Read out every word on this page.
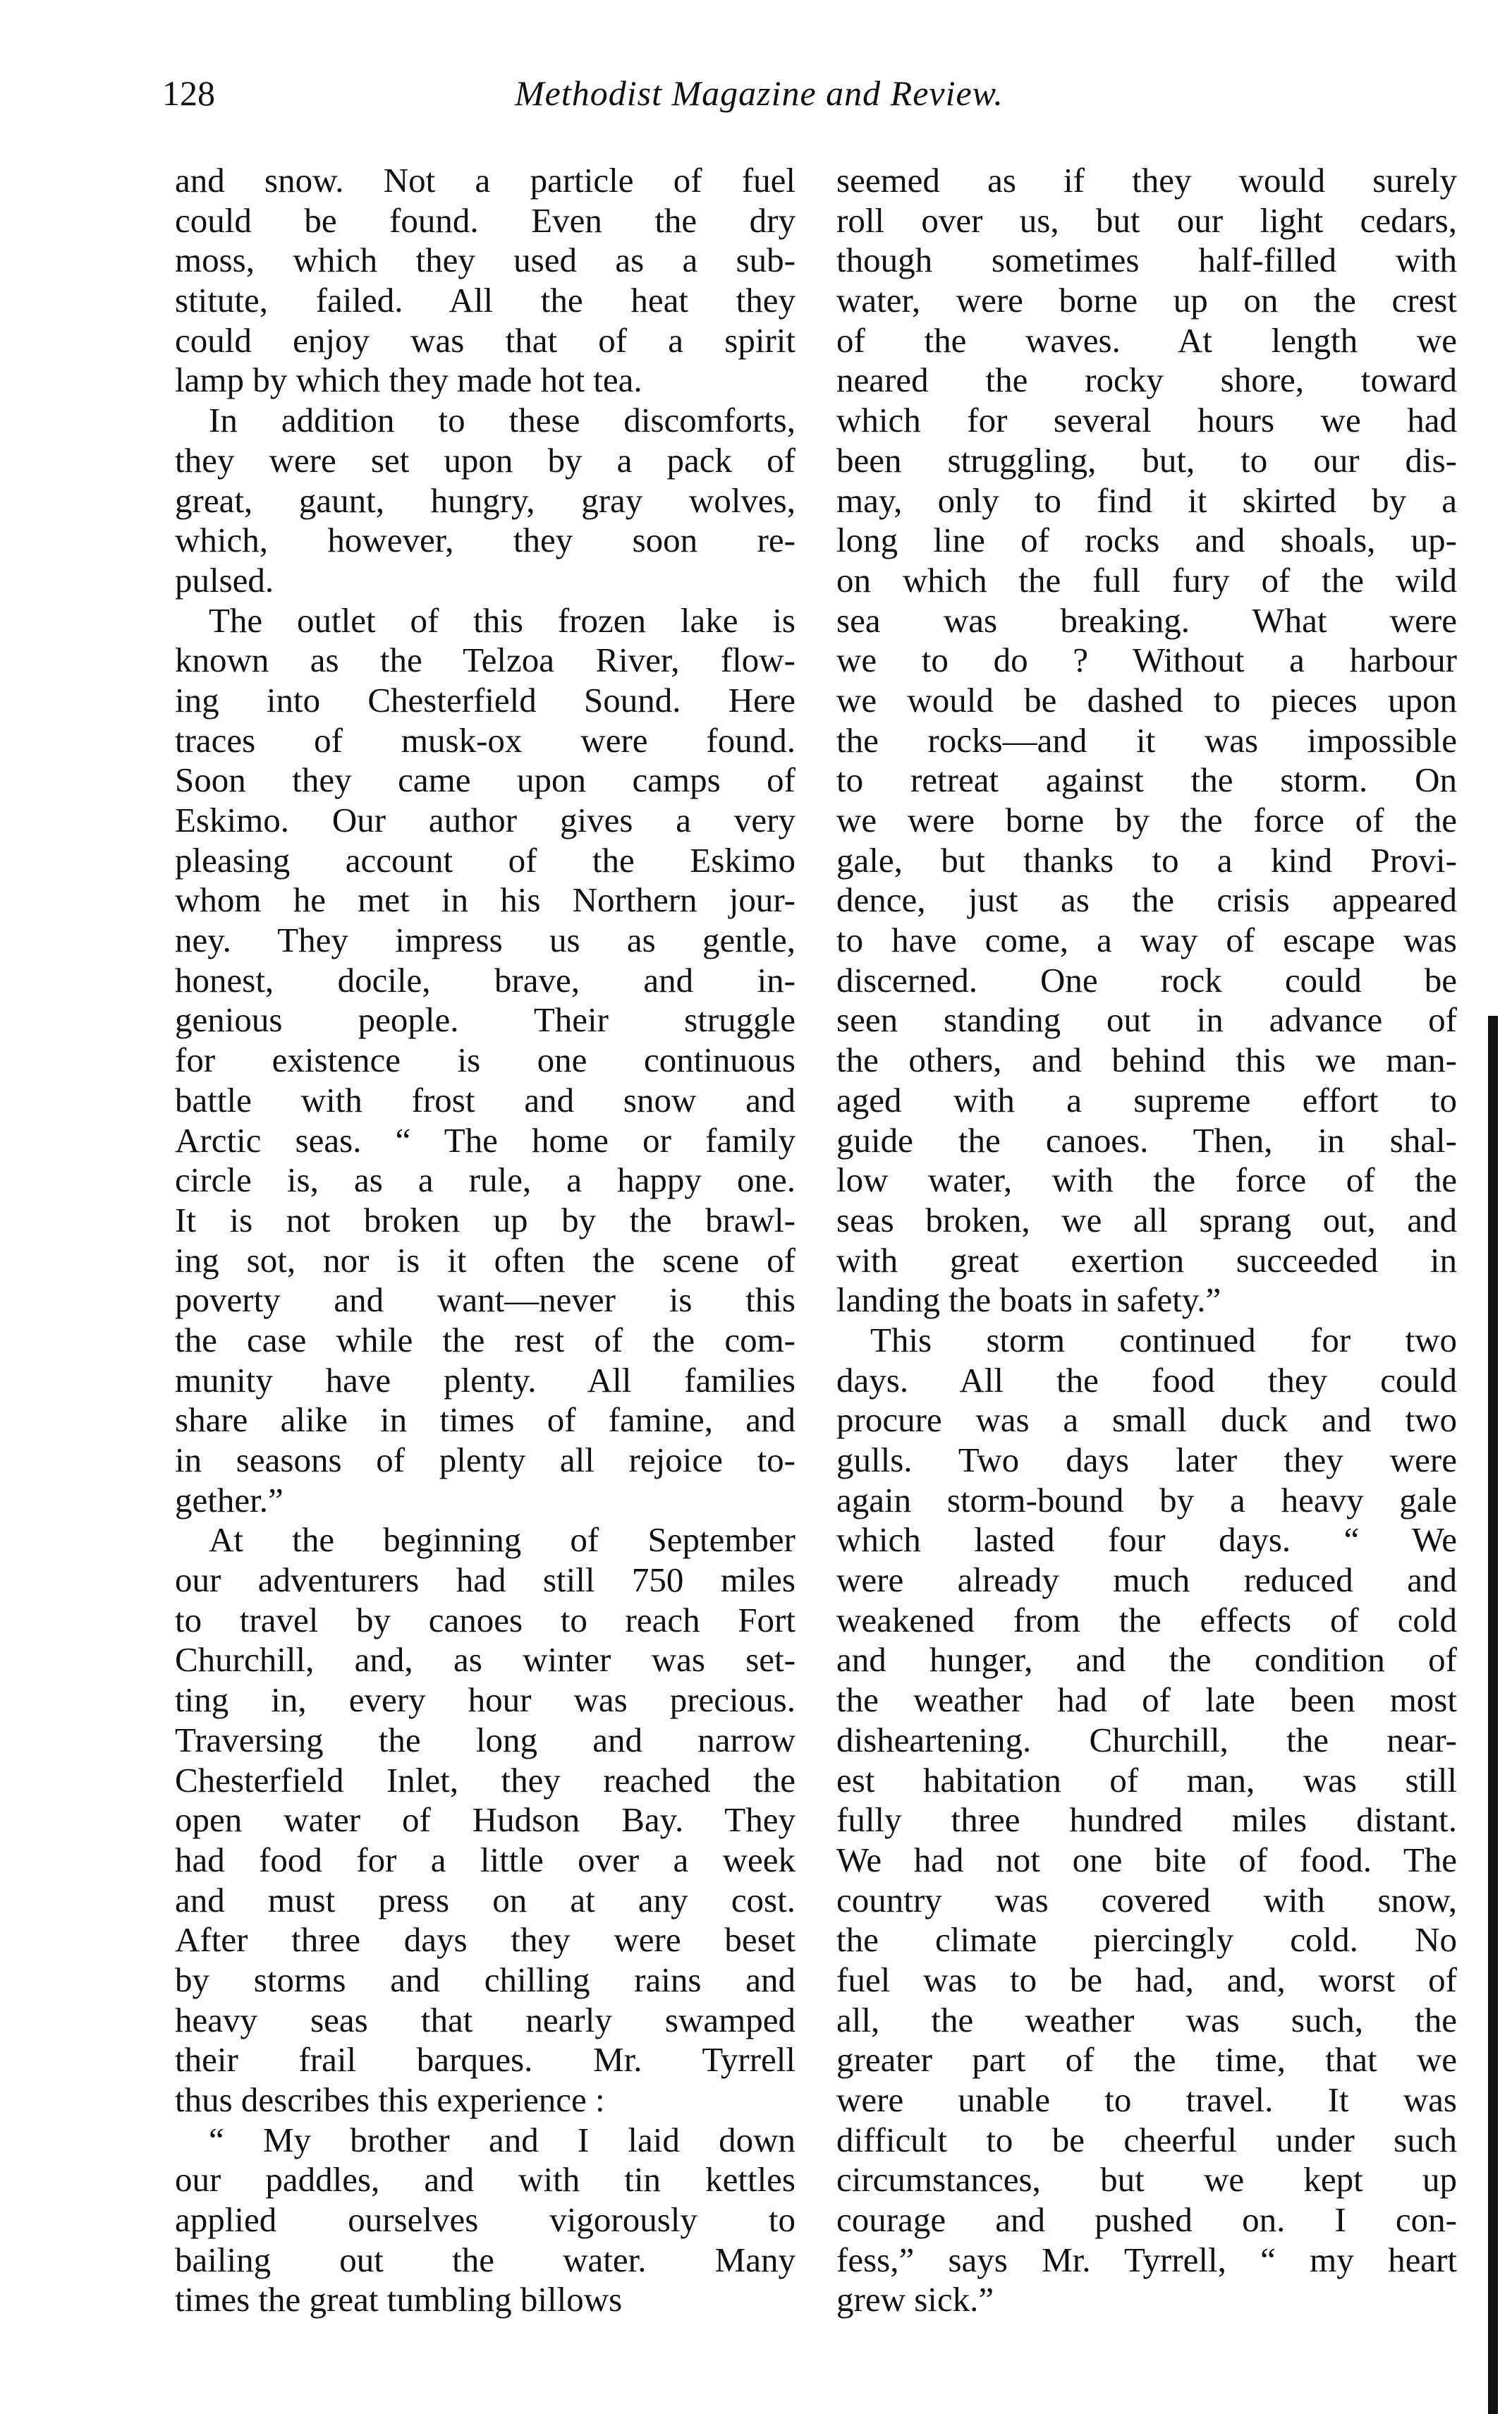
128	Methodist Magazine and Review.
and snow. Not a particle of fuel
could be found. Even the dry
moss, which they used as a sub-
stitute, failed. All the heat they
could enjoy was that of a spirit
lamp by which they made hot tea.
In addition to these discomforts,
they were set upon by a pack of
great, gaunt, hungry, gray wolves,
which, however, they soon re-
pulsed.
The outlet of this frozen lake is
known as the Telzoa River, flow-
ing into Chesterfield Sound. Here
traces of musk-ox were found.
Soon they came upon camps of
Eskimo. Our author gives a very
pleasing account of the Eskimo
whom he met in his Northern jour-
ney. They impress us as gentle,
honest, docile, brave, and in-
genious people. Their struggle
for existence is one continuous
battle with frost and snow and
Arctic seas. “ The home or family
circle is, as a rule, a happy one.
It is not broken up by the brawl-
ing sot, nor is it often the scene of
poverty and want—never is this
the case while the rest of the com-
munity have plenty. All families
share alike in times of famine, and
in seasons of plenty all rejoice to-
gether.”
At the beginning of September
our adventurers had still 750 miles
to travel by canoes to reach Fort
Churchill, and, as winter was set-
ting in, every hour was precious.
Traversing the long and narrow
Chesterfield Inlet, they reached the
open water of Hudson Bay. They
had food for a little over a week
and must press on at any cost.
After three days they were beset
by storms and chilling rains and
heavy seas that nearly swamped
their frail barques. Mr. Tyrrell
thus describes this experience :
“ My brother and I laid down
our paddles, and with tin kettles
applied ourselves vigorously to
bailing out the water. Many
times the great tumbling billows
seemed as if they would surely
roll over us, but our light cedars,
though sometimes half-filled with
water, were borne up on the crest
of the waves. At length we
neared the rocky shore, toward
which for several hours we had
been struggling, but, to our dis-
may, only to find it skirted by a
long line of rocks and shoals, up-
on which the full fury of the wild
sea was breaking. What were
we to do ? Without a harbour
we would be dashed to pieces upon
the rocks—and it was impossible
to retreat against the storm. On
we were borne by the force of the
gale, but thanks to a kind Provi-
dence, just as the crisis appeared
to have come, a way of escape was
discerned. One rock could be
seen standing out in advance of
the others, and behind this we man-
aged with a supreme effort to
guide the canoes. Then, in shal-
low water, with the force of the
seas broken, we all sprang out, and
with great exertion succeeded in
landing the boats in safety.”
This storm continued for two
days. All the food they could
procure was a small duck and two
gulls. Two days later they were
again storm-bound by a heavy gale
which lasted four days. “ We
were already much reduced and
weakened from the effects of cold
and hunger, and the condition of
the weather had of late been most
disheartening. Churchill, the near-
est habitation of man, was still
fully three hundred miles distant.
We had not one bite of food. The
country was covered with snow,
the climate piercingly cold. No
fuel was to be had, and, worst of
all, the weather was such, the
greater part of the time, that we
were unable to travel. It was
difficult to be cheerful under such
circumstances, but we kept up
courage and pushed on. I con-
fess,” says Mr. Tyrrell, “ my heart
grew sick.”
